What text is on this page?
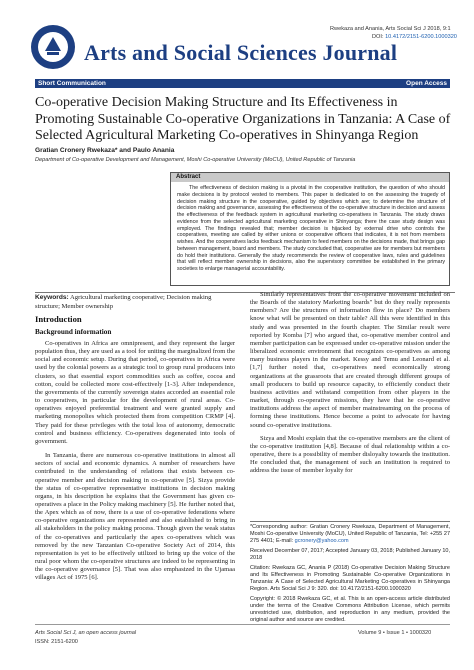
Arts and Social Sciences Journal
Rwekaza and Anania, Arts Social Sci J 2018, 9:1
DOI: 10.4172/2151-6200.1000320
Short Communication	Open Access
Co-operative Decision Making Structure and Its Effectiveness in Promoting Sustainable Co-operative Organizations in Tanzania: A Case of Selected Agricultural Marketing Co-operatives in Shinyanga Region
Gratian Cronery Rwekaza* and Paulo Anania
Department of Co-operative Development and Management, Moshi Co-operative University (MoCU), United Republic of Tanzania
Abstract
The effectiveness of decision making is a pivotal in the cooperative institution, the question of who should make decisions is by protocol vested to members. This paper is dedicated to on the assessing the tragedy of decision making structure in the cooperative, guided by objectives which are; to determine the structure of decision making and governance, assessing the effectiveness of the co-operative structure in decision and assess the effectiveness of the feedback system in agricultural marketing co-operatives in Tanzania. The study draws evidence from the selected agricultural marketing cooperative in Shinyanga; there the case study design was employed. The findings revealed that; member decision is hijacked by external drive who controls the cooperatives, meeting are called by either unions or cooperative officers that indicates, it is not from members wishes. And the cooperatives lacks feedback mechanism to feed members on the decisions made, that brings gap between management, board and members. The study concluded that, cooperative are for members but members do hold their institutions. Generally the study recommends the review of cooperative laws, rules and guidelines that will reflect member ownership in decisions, also the supervisory committee be established in the primary societies to enlarge managerial accountability.
Keywords: Agricultural marketing cooperative; Decision making structure; Member ownership

Introduction

Background information

Co-operatives in Africa are omnipresent, and they represent the larger population thus, they are used as a tool for uniting the marginalized from the social and economic setup. During that period, co-operatives in Africa were used by the colonial powers as a strategic tool to group rural producers into clusters, so that essential export commodities such as coffee, cocoa and cotton, could be collected more cost-effectively [1-3]. After independence, the governments of the currently sovereign states accorded an essential role to cooperatives, in particular for the development of rural areas. Co-operatives enjoyed preferential treatment and were granted supply and marketing monopolies which protected them from competition CRMP [4]. They paid for these privileges with the total loss of autonomy, democratic control and business efficiency. Co-operatives degenerated into tools of government.

In Tanzania, there are numerous co-operative institutions in almost all sectors of social and economic dynamics. A number of researchers have contributed in the understanding of relations that exists between co-operative member and decision making in co-operative [5]. Sizya provide the status of co-operative representative institutions in decision making organs, in his description he explains that the Government has given co-operatives a place in the Policy making machinery [5]. He further noted that, the Apex which as of now, there is a use of co-operative federations where co-operative organizations are represented and also established to bring in all stakeholders in the policy making process. Though given the weak status of the co-operatives and particularly the apex co-operatives which was removed by the new Tanzanian Co-operative Society Act of 2014, this representation is yet to be effectively utilized to bring up the voice of the rural poor whom the co-operative structures are indeed to be representing in the co-operative governance [5]. That was also emphasized in the Ujamaa villages Act of 1975 [6].

Similarly representatives from the co-operative movement included on the Boards of the statutory Marketing boards" but do they really represents members? Are the structures of information flow in place? Do members know what will be presented on their table? All this were identified in this study and was presented in the fourth chapter. The Similar result were reported by Komba [7] who argued that, co-operative member control and member participation can be expressed under co-operative mission under the liberalized economic environment that recognizes co-operatives as among many business players in the market. Kessy and Temu and Leonard et al. [1,7] further noted that, co-operatives need economically strong organizations at the grassroots that are created through different groups of small producers to build up resource capacity, to efficiently conduct their business activities and withstand competition from other players in the market, through co-operative missions, they have that he co-operative institutions address the aspect of member mainstreaming on the process of forming these institutions. Hence become a point to advocate for having sound co-operative institutions.

Sizya and Moshi explain that the co-operative members are the client of the co-operative institution [4,8]. Because of dual relationship within a co-operative, there is a possibility of member disloyalty towards the institution. He concluded that, the management of such an institution is required to address the issue of member loyalty for

*Corresponding author: Gratian Cronery Rwekaza, Department of Management, Moshi Co-operative University (MoCU), United Republic of Tanzania, Tel: +255 27 275 4401; E-mail: gcronery@yahoo.com

Received December 07, 2017; Accepted January 03, 2018; Published January 10, 2018

Citation: Rwekaza GC, Anania P (2018) Co-operative Decision Making Structure and Its Effectiveness in Promoting Sustainable Co-operative Organizations in Tanzania: A Case of Selected Agricultural Marketing Co-operatives in Shinyanga Region. Arts Social Sci J 9: 320. doi: 10.4172/2151-6200.1000320

Copyright: © 2018 Rwekaza GC, et al. This is an open-access article distributed under the terms of the Creative Commons Attribution License, which permits unrestricted use, distribution, and reproduction in any medium, provided the original author and source are credited.

Arts Social Sci J, an open access journal
ISSN: 2151-6200
Volume 9 • Issue 1 • 1000320
